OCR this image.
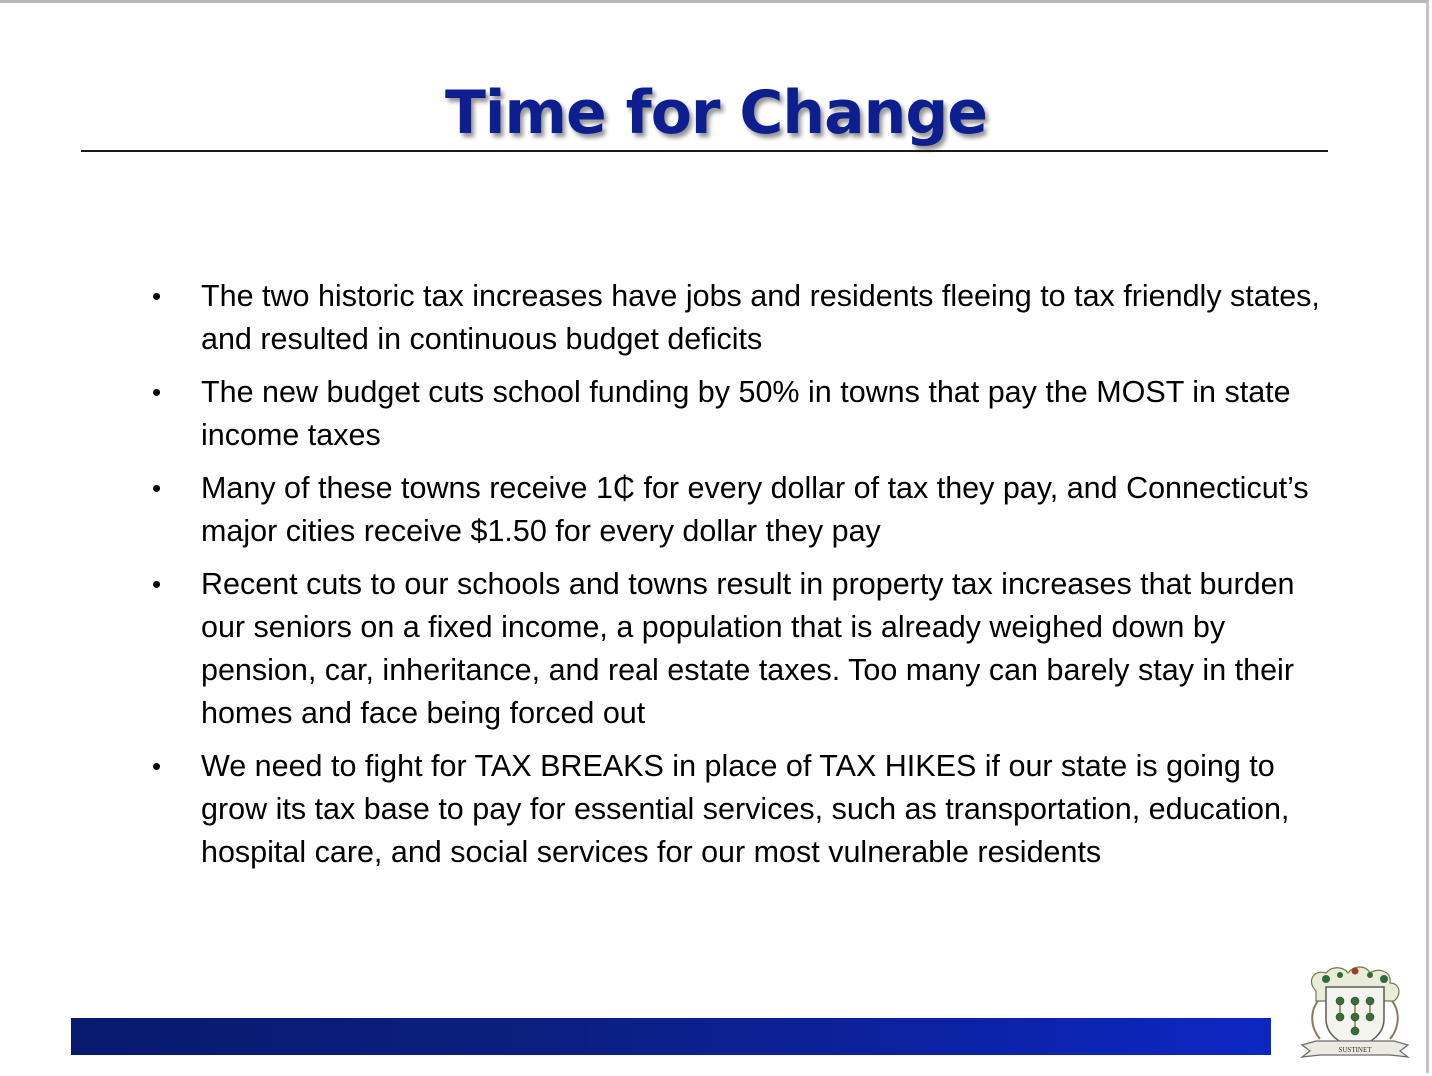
Time for Change
• The two historic tax increases have jobs and residents fleeing to tax friendly states, and resulted in continuous budget deficits
• The new budget cuts school funding by 50% in towns that pay the MOST in state income taxes
• Many of these towns receive 1₵ for every dollar of tax they pay, and Connecticut’s major cities receive $1.50 for every dollar they pay
• Recent cuts to our schools and towns result in property tax increases that burden our seniors on a fixed income, a population that is already weighed down by pension, car, inheritance, and real estate taxes. Too many can barely stay in their homes and face being forced out
• We need to fight for TAX BREAKS in place of TAX HIKES if our state is going to grow its tax base to pay for essential services, such as transportation, education, hospital care, and social services for our most vulnerable residents
SUSTINET
